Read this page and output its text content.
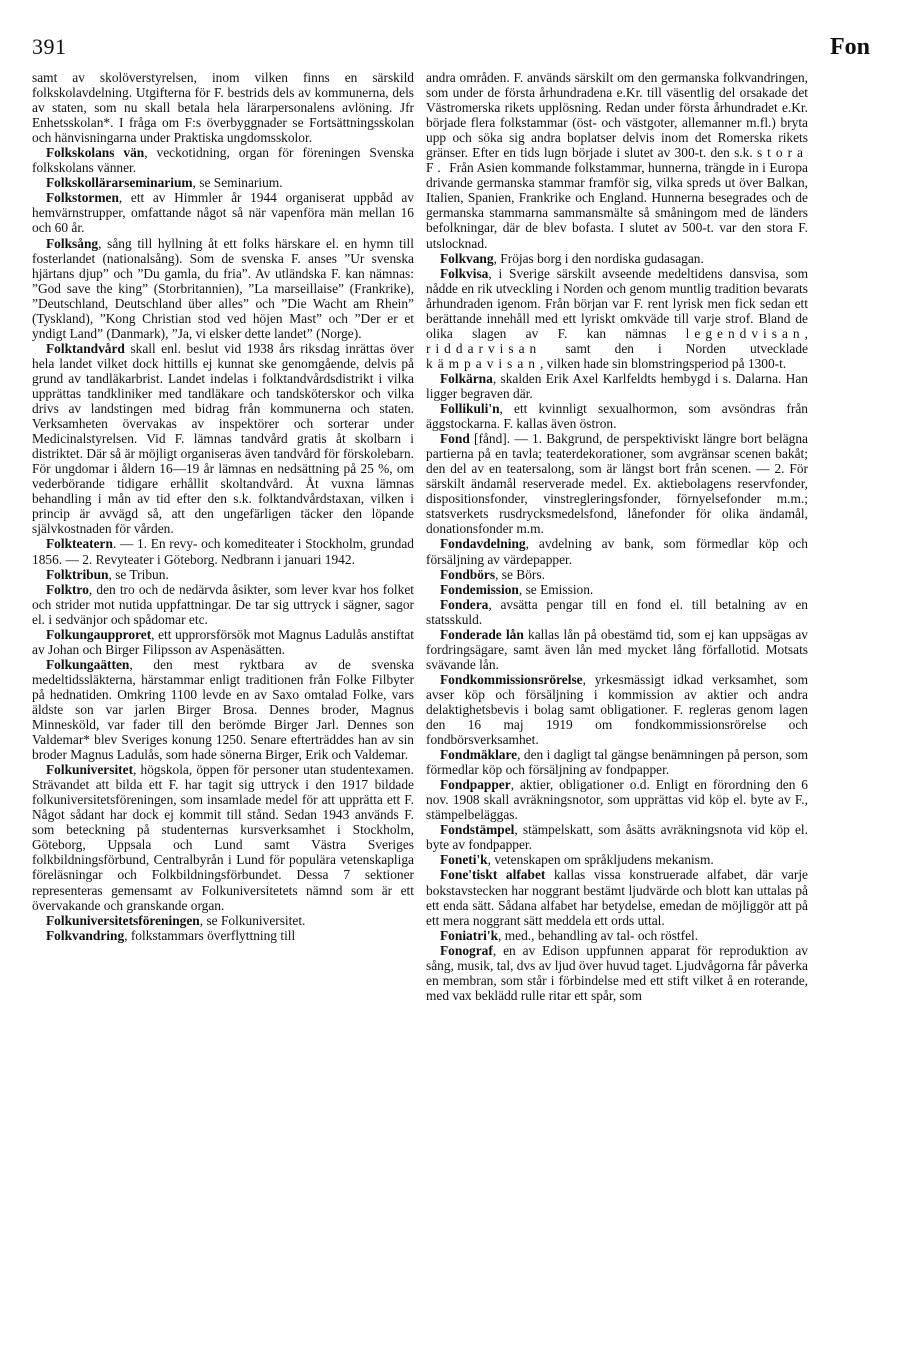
391	Fon

samt av skolöverstyrelsen, inom vilken finns en särskild folkskolavdelning. Utgifterna för F. bestrids dels av kommunerna, dels av staten, som nu skall betala hela lärarpersonalens avlöning. Jfr Enhetsskolan*. I fråga om F:s överbyggnader se Fortsättningsskolan och hänvisningarna under Praktiska ungdomsskolor.

Folkskolans vän, veckotidning, organ för föreningen Svenska folkskolans vänner.

Folkskollärarseminarium, se Seminarium.

Folkstormen, ett av Himmler år 1944 organiserat uppbåd av hemvärnstrupper, omfattande något så när vapenföra män mellan 16 och 60 år.

Folksång, sång till hyllning åt ett folks härskare el. en hymn till fosterlandet (nationalsång). Som de svenska F. anses ”Ur svenska hjärtans djup” och ”Du gamla, du fria”. Av utländska F. kan nämnas: ”God save the king” (Storbritannien), ”La marseillaise” (Frankrike), ”Deutschland, Deutschland über alles” och ”Die Wacht am Rhein” (Tyskland), ”Kong Christian stod ved höjen Mast” och ”Der er et yndigt Land” (Danmark), ”Ja, vi elsker dette landet” (Norge).

Folktandvård skall enl. beslut vid 1938 års riksdag inrättas över hela landet vilket dock hittills ej kunnat ske genomgående, delvis på grund av tandläkarbrist. Landet indelas i folktandvårdsdistrikt i vilka upprättas tandkliniker med tandläkare och tandsköterskor och vilka drivs av landstingen med bidrag från kommunerna och staten. Verksamheten övervakas av inspektörer och sorterar under Medicinalstyrelsen. Vid F. lämnas tandvård gratis åt skolbarn i distriktet. Där så är möjligt organiseras även tandvård för förskolebarn. För ungdomar i åldern 16—19 år lämnas en nedsättning på 25 %, om vederbörande tidigare erhållit skoltandvård. Åt vuxna lämnas behandling i mån av tid efter den s.k. folktandvårdstaxan, vilken i princip är avvägd så, att den ungefärligen täcker den löpande självkostnaden för vården.

Folkteatern. — 1. En revy- och komediteater i Stockholm, grundad 1856. — 2. Revyteater i Göteborg. Nedbrann i januari 1942.

Folktribun, se Tribun.

Folktro, den tro och de nedärvda åsikter, som lever kvar hos folket och strider mot nutida uppfattningar. De tar sig uttryck i sägner, sagor el. i sedvänjor och spådomar etc.

Folkungaupproret, ett upprorsförsök mot Magnus Ladulås anstiftat av Johan och Birger Filipsson av Aspenäsätten.

Folkungaätten, den mest ryktbara av de svenska medeltidssläkterna, härstammar enligt traditionen från Folke Filbyter på hednatiden. Omkring 1100 levde en av Saxo omtalad Folke, vars äldste son var jarlen Birger Brosa. Dennes broder, Magnus Minnesköld, var fader till den berömde Birger Jarl. Dennes son Valdemar* blev Sveriges konung 1250. Senare efterträddes han av sin broder Magnus Ladulås, som hade sönerna Birger, Erik och Valdemar.

Folkuniversitet, högskola, öppen för personer utan studentexamen. Strävandet att bilda ett F. har tagit sig uttryck i den 1917 bildade folkuniversitetsföreningen, som insamlade medel för att upprätta ett F. Något sådant har dock ej kommit till stånd. Sedan 1943 används F. som beteckning på studenternas kursverksamhet i Stockholm, Göteborg, Uppsala och Lund samt Västra Sveriges folkbildningsförbund, Centralbyrån i Lund för populära vetenskapliga föreläsningar och Folkbildningsförbundet. Dessa 7 sektioner representeras gemensamt av Folkuniversitetets nämnd som är ett övervakande och granskande organ.

Folkuniversitetsföreningen, se Folkuniversitet.

Folkvandring, folkstammars överflyttning till

andra områden. F. används särskilt om den germanska folkvandringen, som under de första århundradena e.Kr. till väsentlig del orsakade det Västromerska rikets upplösning. Redan under första århundradet e.Kr. började flera folkstammar (öst- och västgoter, allemanner m.fl.) bryta upp och söka sig andra boplatser delvis inom det Romerska rikets gränser. Efter en tids lugn började i slutet av 300-t. den s.k. stora F. Från Asien kommande folkstammar, hunnerna, trängde in i Europa drivande germanska stammar framför sig, vilka spreds ut över Balkan, Italien, Spanien, Frankrike och England. Hunnerna besegrades och de germanska stammarna sammansmälte så småningom med de länders befolkningar, där de blev bofasta. I slutet av 500-t. var den stora F. utslocknad.

Folkvang, Fröjas borg i den nordiska gudasagan.

Folkvisa, i Sverige särskilt avseende medeltidens dansvisa, som nådde en rik utveckling i Norden och genom muntlig tradition bevarats århundraden igenom. Från början var F. rent lyrisk men fick sedan ett berättande innehåll med ett lyriskt omkväde till varje strof. Bland de olika slagen av F. kan nämnas legendvisan, riddarvisan samt den i Norden utvecklade kämpavisan, vilken hade sin blomstringsperiod på 1300-t.

Folkärna, skalden Erik Axel Karlfeldts hembygd i s. Dalarna. Han ligger begraven där.

Follikuli'n, ett kvinnligt sexualhormon, som avsöndras från äggstockarna. F. kallas även östron.

Fond [fånd]. — 1. Bakgrund, de perspektiviskt längre bort belägna partierna på en tavla; teaterdekorationer, som avgränsar scenen bakåt; den del av en teatersalong, som är längst bort från scenen. — 2. För särskilt ändamål reserverade medel. Ex. aktiebolagens reservfonder, dispositionsfonder, vinstregleringsfonder, förnyelsefonder m.m.; statsverkets rusdrycksmedelsfond, lånefonder för olika ändamål, donationsfonder m.m.

Fondavdelning, avdelning av bank, som förmedlar köp och försäljning av värdepapper.

Fondbörs, se Börs.

Fondemission, se Emission.

Fondera, avsätta pengar till en fond el. till betalning av en statsskuld.

Fonderade lån kallas lån på obestämd tid, som ej kan uppsägas av fordringsägare, samt även lån med mycket lång förfallotid. Motsats svävande lån.

Fondkommissionsrörelse, yrkesmässigt idkad verksamhet, som avser köp och försäljning i kommission av aktier och andra delaktighetsbevis i bolag samt obligationer. F. regleras genom lagen den 16 maj 1919 om fondkommissionsrörelse och fondbörsverksamhet.

Fondmäklare, den i dagligt tal gängse benämningen på person, som förmedlar köp och försäljning av fondpapper.

Fondpapper, aktier, obligationer o.d. Enligt en förordning den 6 nov. 1908 skall avräkningsnotor, som upprättas vid köp el. byte av F., stämpelbeläggas.

Fondstämpel, stämpelskatt, som åsätts avräkningsnota vid köp el. byte av fondpapper.

Foneti'k, vetenskapen om språkljudens mekanism.

Fone'tiskt alfabet kallas vissa konstruerade alfabet, där varje bokstavstecken har noggrant bestämt ljudvärde och blott kan uttalas på ett enda sätt. Sådana alfabet har betydelse, emedan de möjliggör att på ett mera noggrant sätt meddela ett ords uttal.

Foniatri'k, med., behandling av tal- och röstfel.

Fonograf, en av Edison uppfunnen apparat för reproduktion av sång, musik, tal, dvs av ljud över huvud taget. Ljudvågorna får påverka en membran, som står i förbindelse med ett stift vilket å en roterande, med vax beklädd rulle ritar ett spår, som
